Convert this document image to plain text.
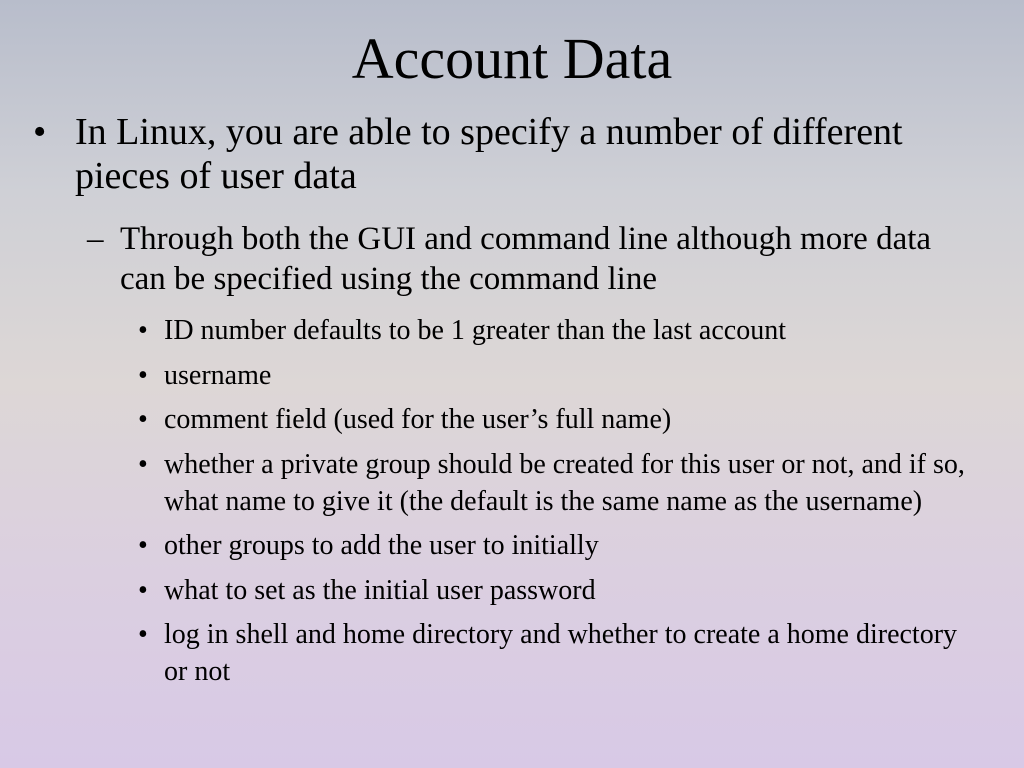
Account Data
• In Linux, you are able to specify a number of different pieces of user data
– Through both the GUI and command line although more data can be specified using the command line
• ID number defaults to be 1 greater than the last account
• username
• comment field (used for the user’s full name)
• whether a private group should be created for this user or not, and if so, what name to give it (the default is the same name as the username)
• other groups to add the user to initially
• what to set as the initial user password
• log in shell and home directory and whether to create a home directory or not
